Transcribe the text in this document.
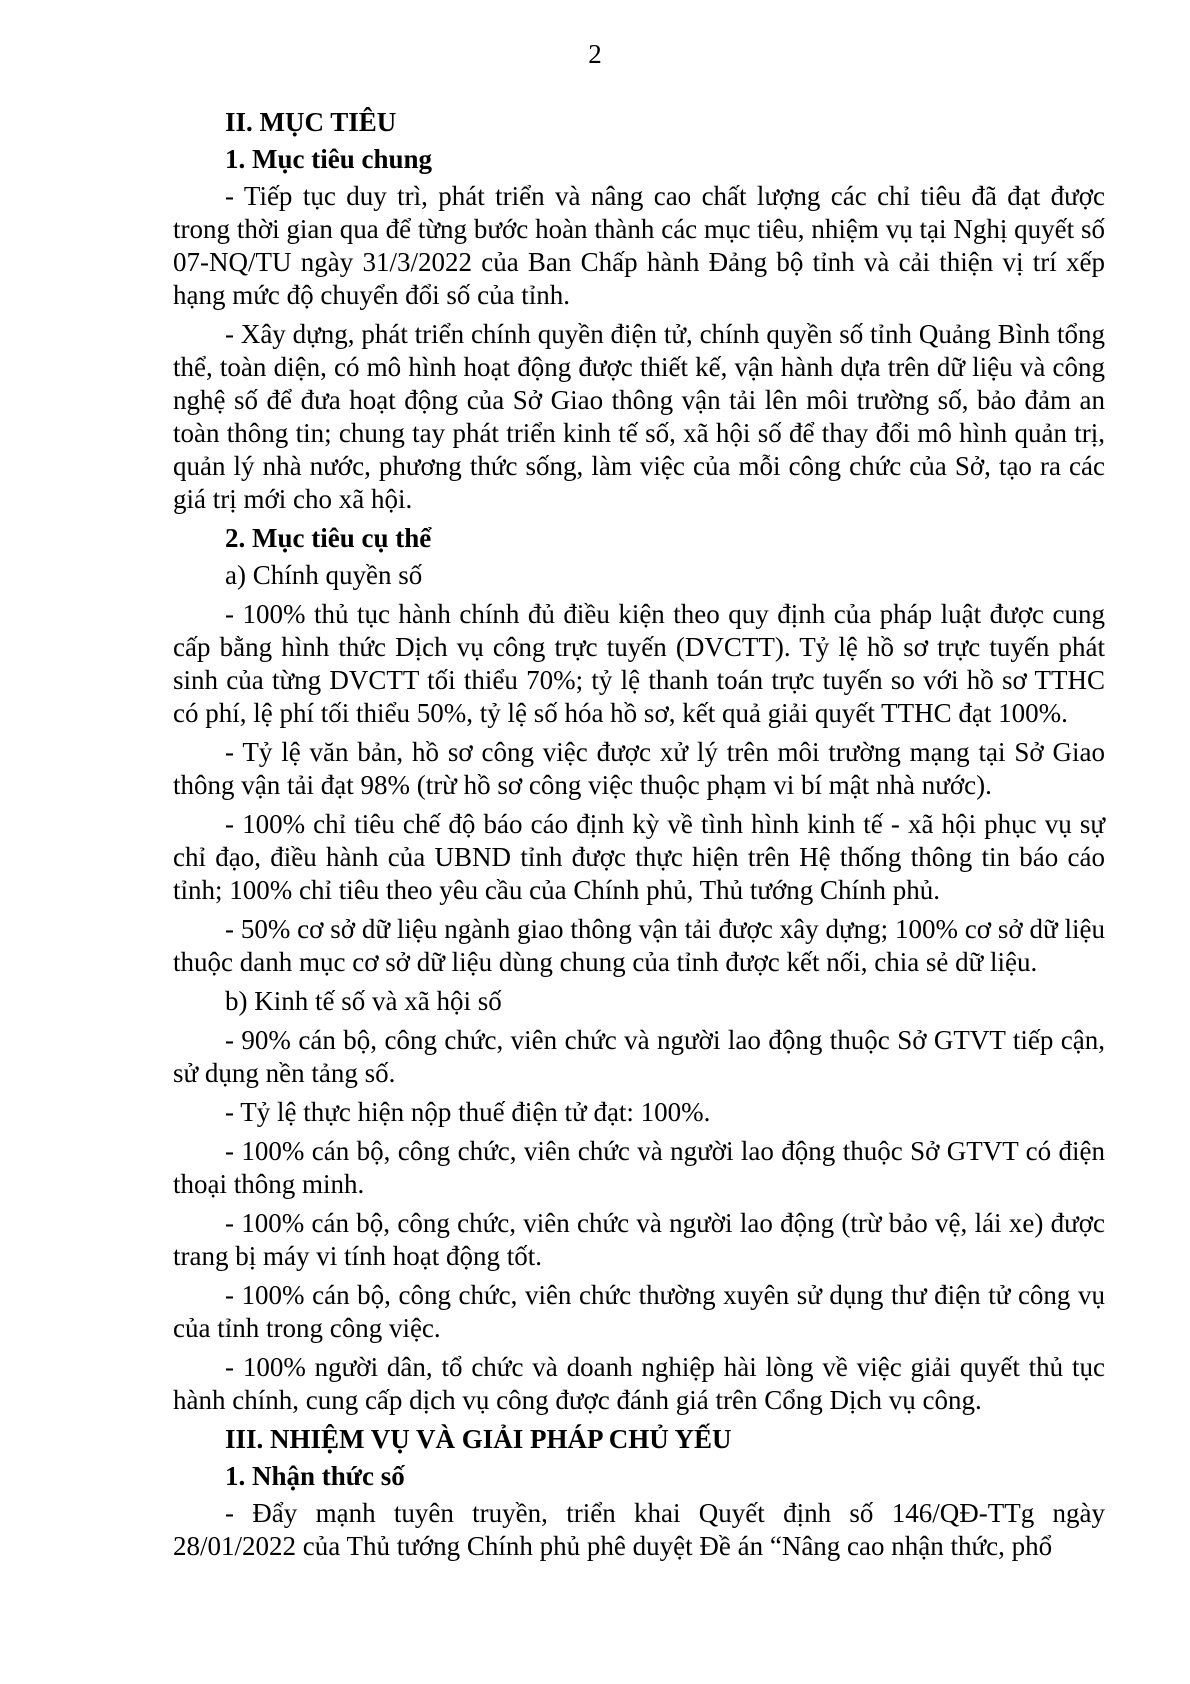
2

II. MỤC TIÊU

1. Mục tiêu chung

- Tiếp tục duy trì, phát triển và nâng cao chất lượng các chỉ tiêu đã đạt được trong thời gian qua để từng bước hoàn thành các mục tiêu, nhiệm vụ tại Nghị quyết số 07-NQ/TU ngày 31/3/2022 của Ban Chấp hành Đảng bộ tỉnh và cải thiện vị trí xếp hạng mức độ chuyển đổi số của tỉnh.

- Xây dựng, phát triển chính quyền điện tử, chính quyền số tỉnh Quảng Bình tổng thể, toàn diện, có mô hình hoạt động được thiết kế, vận hành dựa trên dữ liệu và công nghệ số để đưa hoạt động của Sở Giao thông vận tải lên môi trường số, bảo đảm an toàn thông tin; chung tay phát triển kinh tế số, xã hội số để thay đổi mô hình quản trị, quản lý nhà nước, phương thức sống, làm việc của mỗi công chức của Sở, tạo ra các giá trị mới cho xã hội.

2. Mục tiêu cụ thể

a) Chính quyền số

- 100% thủ tục hành chính đủ điều kiện theo quy định của pháp luật được cung cấp bằng hình thức Dịch vụ công trực tuyến (DVCTT). Tỷ lệ hồ sơ trực tuyến phát sinh của từng DVCTT tối thiểu 70%; tỷ lệ thanh toán trực tuyến so với hồ sơ TTHC có phí, lệ phí tối thiểu 50%, tỷ lệ số hóa hồ sơ, kết quả giải quyết TTHC đạt 100%.

- Tỷ lệ văn bản, hồ sơ công việc được xử lý trên môi trường mạng tại Sở Giao thông vận tải đạt 98% (trừ hồ sơ công việc thuộc phạm vi bí mật nhà nước).

- 100% chỉ tiêu chế độ báo cáo định kỳ về tình hình kinh tế - xã hội phục vụ sự chỉ đạo, điều hành của UBND tỉnh được thực hiện trên Hệ thống thông tin báo cáo tỉnh; 100% chỉ tiêu theo yêu cầu của Chính phủ, Thủ tướng Chính phủ.

- 50% cơ sở dữ liệu ngành giao thông vận tải được xây dựng; 100% cơ sở dữ liệu thuộc danh mục cơ sở dữ liệu dùng chung của tỉnh được kết nối, chia sẻ dữ liệu.

b) Kinh tế số và xã hội số

- 90% cán bộ, công chức, viên chức và người lao động thuộc Sở GTVT tiếp cận, sử dụng nền tảng số.

- Tỷ lệ thực hiện nộp thuế điện tử đạt: 100%.

- 100% cán bộ, công chức, viên chức và người lao động thuộc Sở GTVT có điện thoại thông minh.

- 100% cán bộ, công chức, viên chức và người lao động (trừ bảo vệ, lái xe) được trang bị máy vi tính hoạt động tốt.

- 100% cán bộ, công chức, viên chức thường xuyên sử dụng thư điện tử công vụ của tỉnh trong công việc.

- 100% người dân, tổ chức và doanh nghiệp hài lòng về việc giải quyết thủ tục hành chính, cung cấp dịch vụ công được đánh giá trên Cổng Dịch vụ công.

III. NHIỆM VỤ VÀ GIẢI PHÁP CHỦ YẾU

1. Nhận thức số

- Đẩy mạnh tuyên truyền, triển khai Quyết định số 146/QĐ-TTg ngày 28/01/2022 của Thủ tướng Chính phủ phê duyệt Đề án “Nâng cao nhận thức, phổ
